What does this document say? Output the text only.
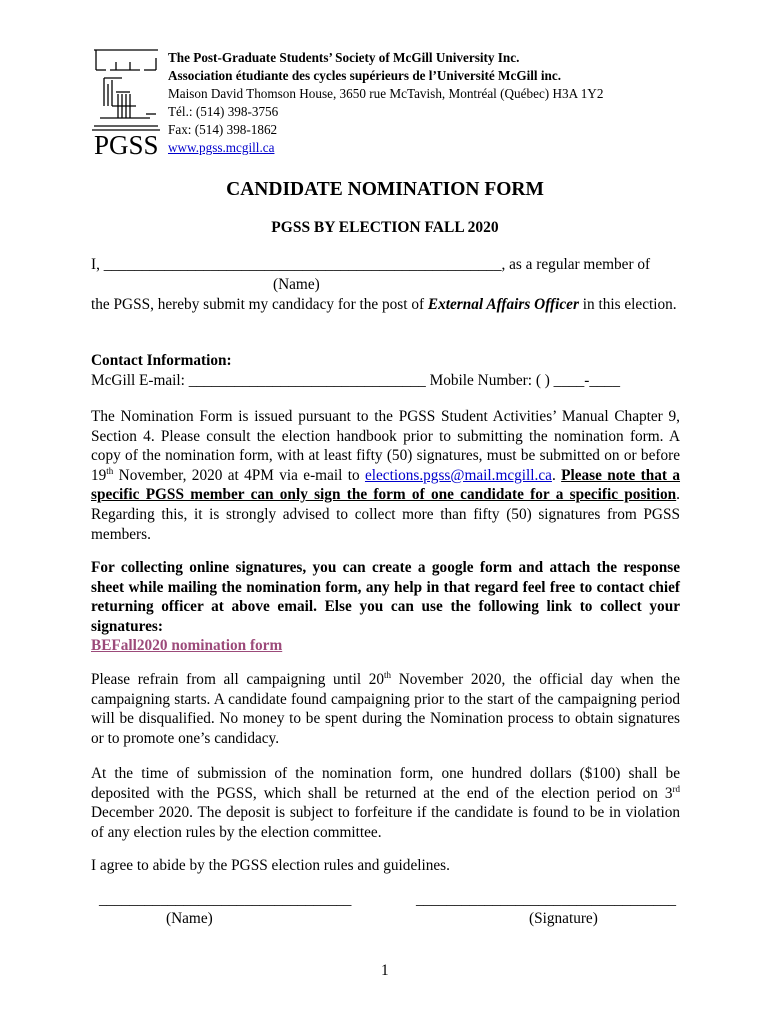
PGSS
The Post-Graduate Students’ Society of McGill University Inc.
Association étudiante des cycles supérieurs de l’Université McGill inc.
Maison David Thomson House, 3650 rue McTavish, Montréal (Québec) H3A 1Y2
Tél.: (514) 398-3756
Fax: (514) 398-1862
www.pgss.mcgill.ca
CANDIDATE NOMINATION FORM
PGSS BY ELECTION FALL 2020
I, ____________________________________________________, as a regular member of
(Name)
the PGSS, hereby submit my candidacy for the post of External Affairs Officer in this election.
Contact Information:
McGill E-mail: _______________________________ Mobile Number: ( ) ____-____
The Nomination Form is issued pursuant to the PGSS Student Activities’ Manual Chapter 9, Section 4. Please consult the election handbook prior to submitting the nomination form. A copy of the nomination form, with at least fifty (50) signatures, must be submitted on or before 19th November, 2020 at 4PM via e-mail to elections.pgss@mail.mcgill.ca. Please note that a specific PGSS member can only sign the form of one candidate for a specific position. Regarding this, it is strongly advised to collect more than fifty (50) signatures from PGSS members.
For collecting online signatures, you can create a google form and attach the response sheet while mailing the nomination form, any help in that regard feel free to contact chief returning officer at above email. Else you can use the following link to collect your signatures:
BEFall2020 nomination form
Please refrain from all campaigning until 20th November 2020, the official day when the campaigning starts. A candidate found campaigning prior to the start of the campaigning period will be disqualified. No money to be spent during the Nomination process to obtain signatures or to promote one’s candidacy.
At the time of submission of the nomination form, one hundred dollars ($100) shall be deposited with the PGSS, which shall be returned at the end of the election period on 3rd December 2020. The deposit is subject to forfeiture if the candidate is found to be in violation of any election rules by the election committee.
I agree to abide by the PGSS election rules and guidelines.
_________________________________	__________________________________
(Name)	(Signature)
1
